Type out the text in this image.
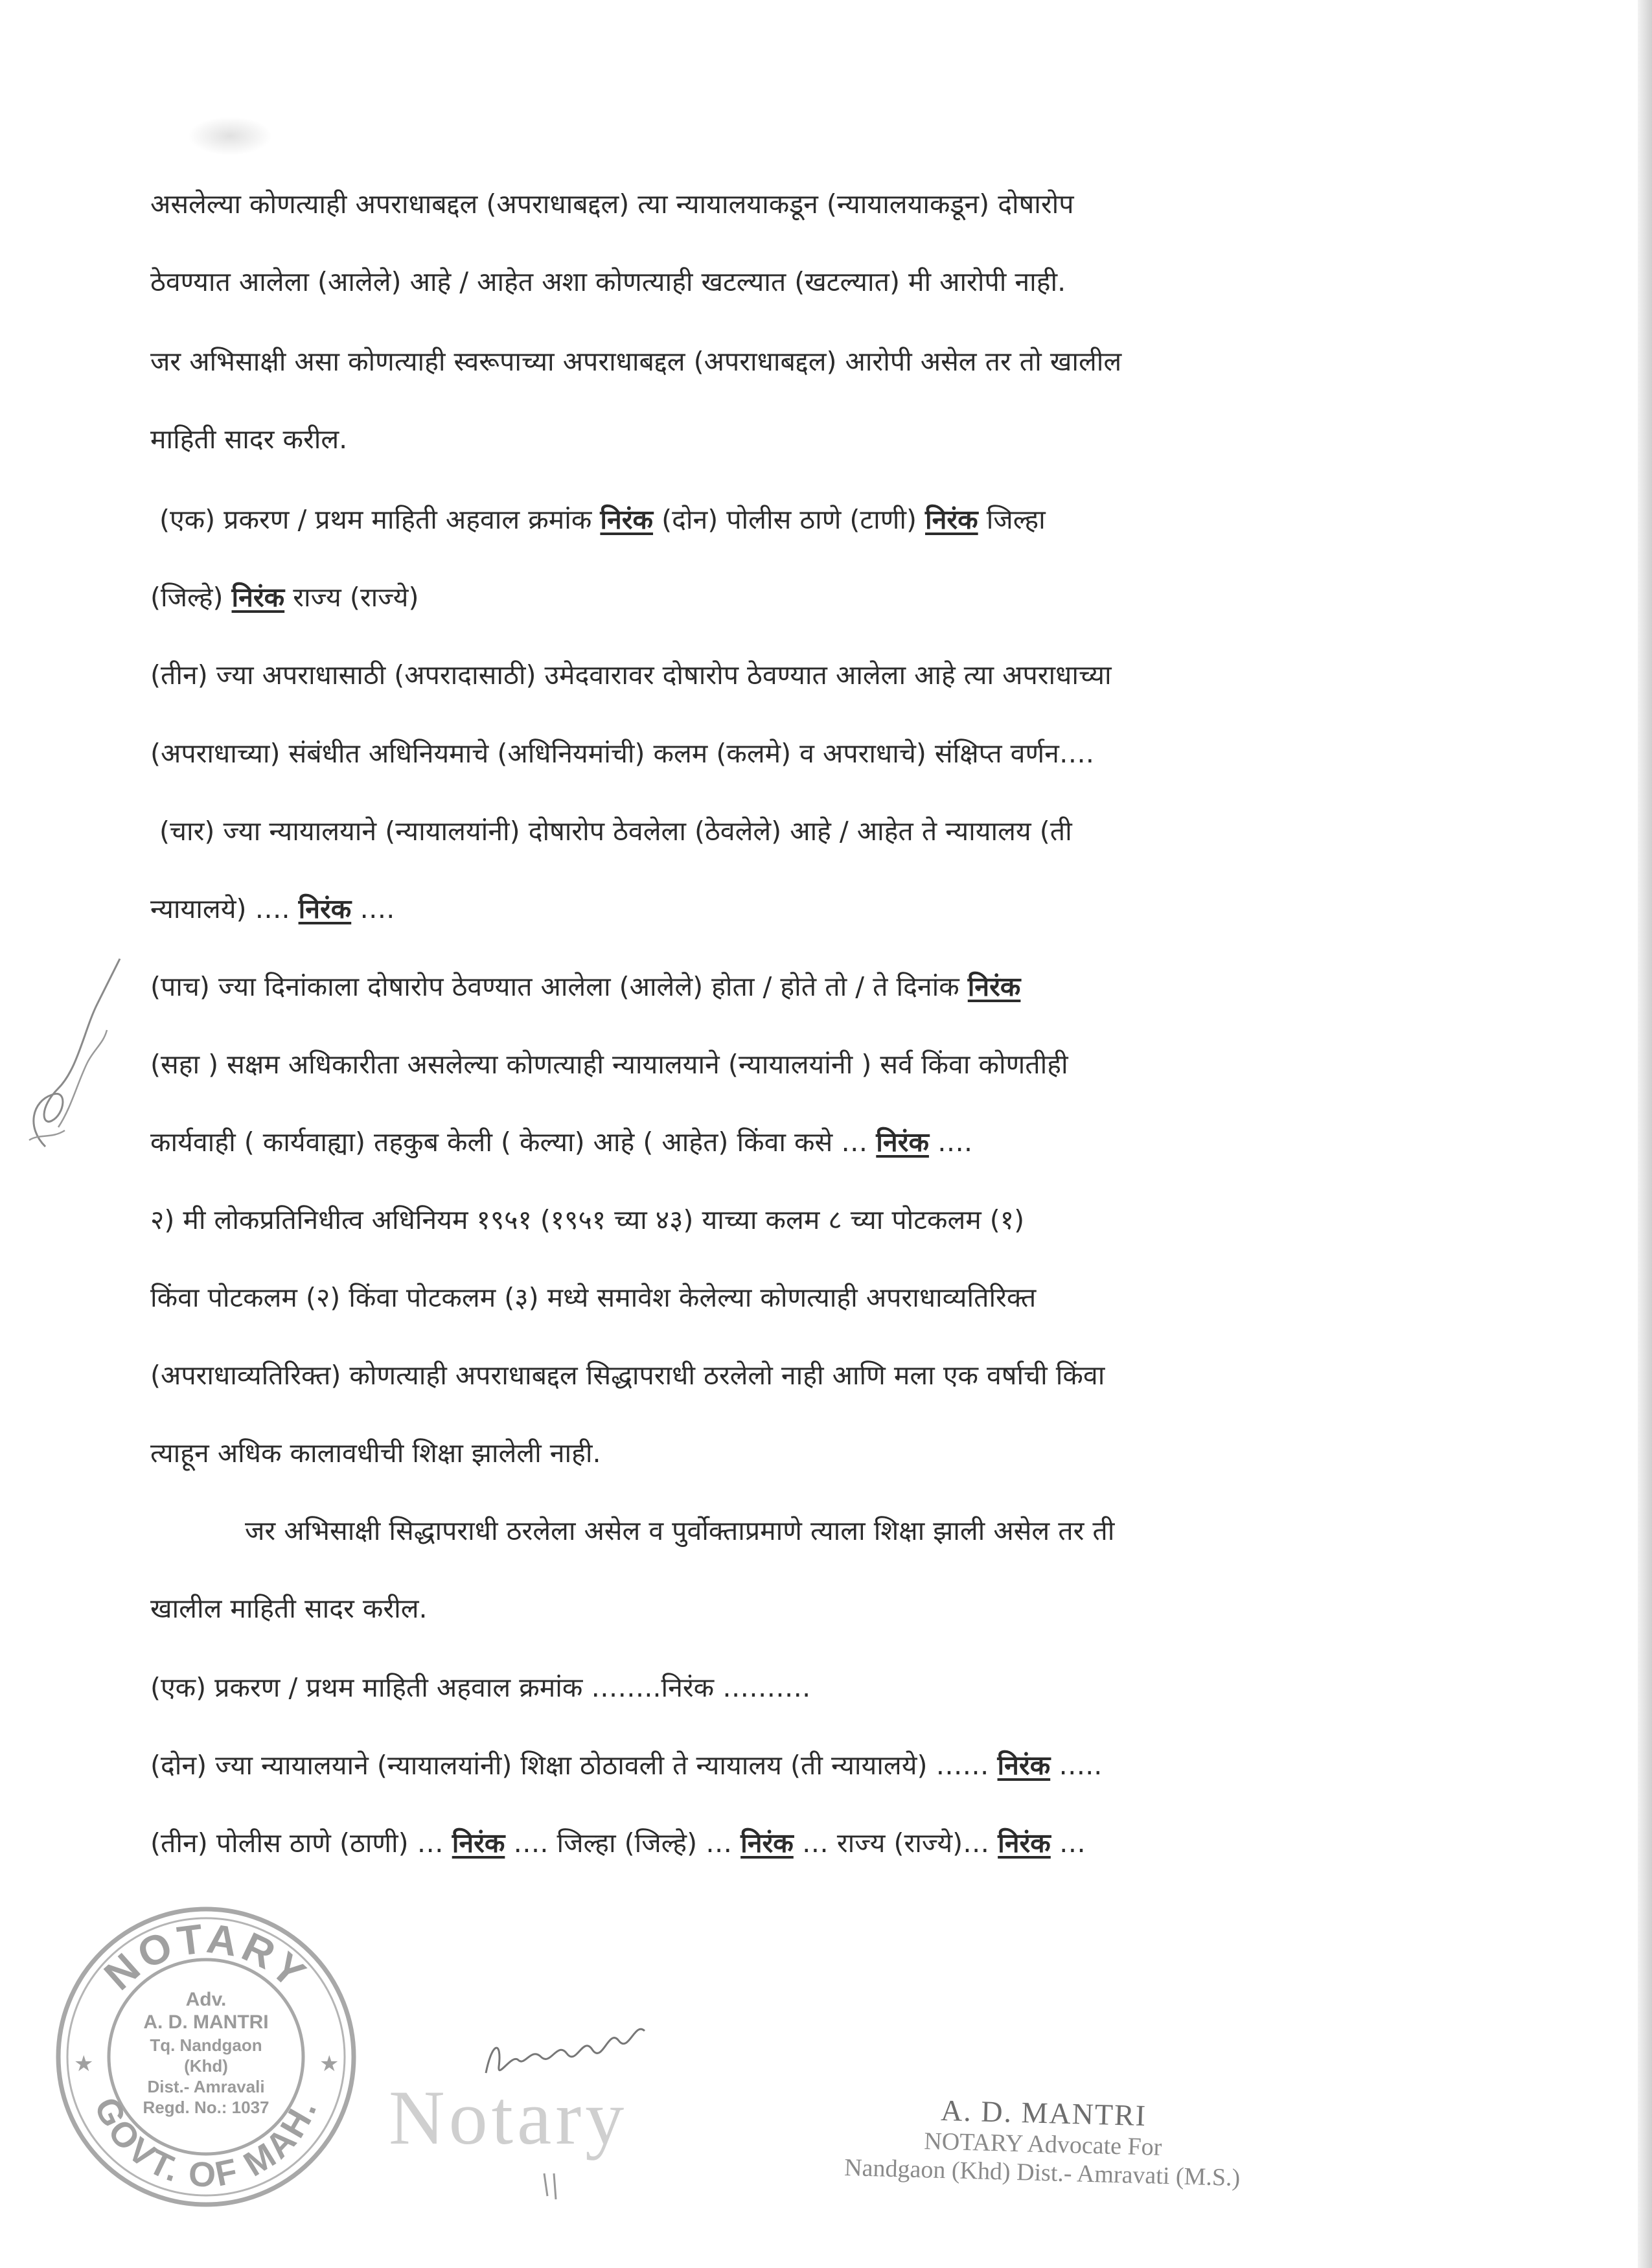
असलेल्या कोणत्याही अपराधाबद्दल (अपराधाबद्दल) त्या न्यायालयाकडून (न्यायालयाकडून) दोषारोप
ठेवण्यात आलेला (आलेले) आहे / आहेत अशा कोणत्याही खटल्यात (खटल्यात) मी आरोपी नाही.
जर अभिसाक्षी असा कोणत्याही स्वरूपाच्या अपराधाबद्दल (अपराधाबद्दल) आरोपी असेल तर तो खालील
माहिती सादर करील.
(एक) प्रकरण / प्रथम माहिती अहवाल क्रमांक निरंक (दोन) पोलीस ठाणे (टाणी) निरंक जिल्हा
(जिल्हे) निरंक राज्य (राज्ये)
(तीन) ज्या अपराधासाठी (अपरादासाठी) उमेदवारावर दोषारोप ठेवण्यात आलेला आहे त्या अपराधाच्या
(अपराधाच्या) संबंधीत अधिनियमाचे (अधिनियमांची) कलम (कलमे) व अपराधाचे) संक्षिप्त वर्णन….
(चार) ज्या न्यायालयाने (न्यायालयांनी) दोषारोप ठेवलेला (ठेवलेले) आहे / आहेत ते न्यायालय (ती
न्यायालये) …. निरंक ….
(पाच) ज्या दिनांकाला दोषारोप ठेवण्यात आलेला (आलेले) होता / होते तो / ते दिनांक निरंक
(सहा ) सक्षम अधिकारीता असलेल्या कोणत्याही न्यायालयाने (न्यायालयांनी ) सर्व किंवा कोणतीही
कार्यवाही ( कार्यवाह्या) तहकुब केली ( केल्या) आहे ( आहेत) किंवा कसे … निरंक ….
२) मी लोकप्रतिनिधीत्व अधिनियम १९५१ (१९५१ च्या ४३) याच्या कलम ८ च्या पोटकलम (१)
किंवा पोटकलम (२) किंवा पोटकलम (३) मध्ये समावेश केलेल्या कोणत्याही अपराधाव्यतिरिक्त
(अपराधाव्यतिरिक्त) कोणत्याही अपराधाबद्दल सिद्धापराधी ठरलेलो नाही आणि मला एक वर्षाची किंवा
त्याहून अधिक कालावधीची शिक्षा झालेली नाही.
जर अभिसाक्षी सिद्धापराधी ठरलेला असेल व पुर्वोक्ताप्रमाणे त्याला शिक्षा झाली असेल तर ती
खालील माहिती सादर करील.
(एक) प्रकरण / प्रथम माहिती अहवाल क्रमांक ……..निरंक ……….
(दोन) ज्या न्यायालयाने (न्यायालयांनी) शिक्षा ठोठावली ते न्यायालय (ती न्यायालये) …… निरंक …..
(तीन) पोलीस ठाणे (ठाणी) … निरंक …. जिल्हा (जिल्हे) … निरंक … राज्य (राज्ये)… निरंक …
NOTARY
GOVT. OF MAH.
★	★
Adv.
A. D. MANTRI
Tq. Nandgaon
(Khd)
Dist.- Amravali
Regd. No.: 1037	Notary	A. D. MANTRI
NOTARY Advocate For
Nandgaon (Khd) Dist.- Amravati (M.S.)
